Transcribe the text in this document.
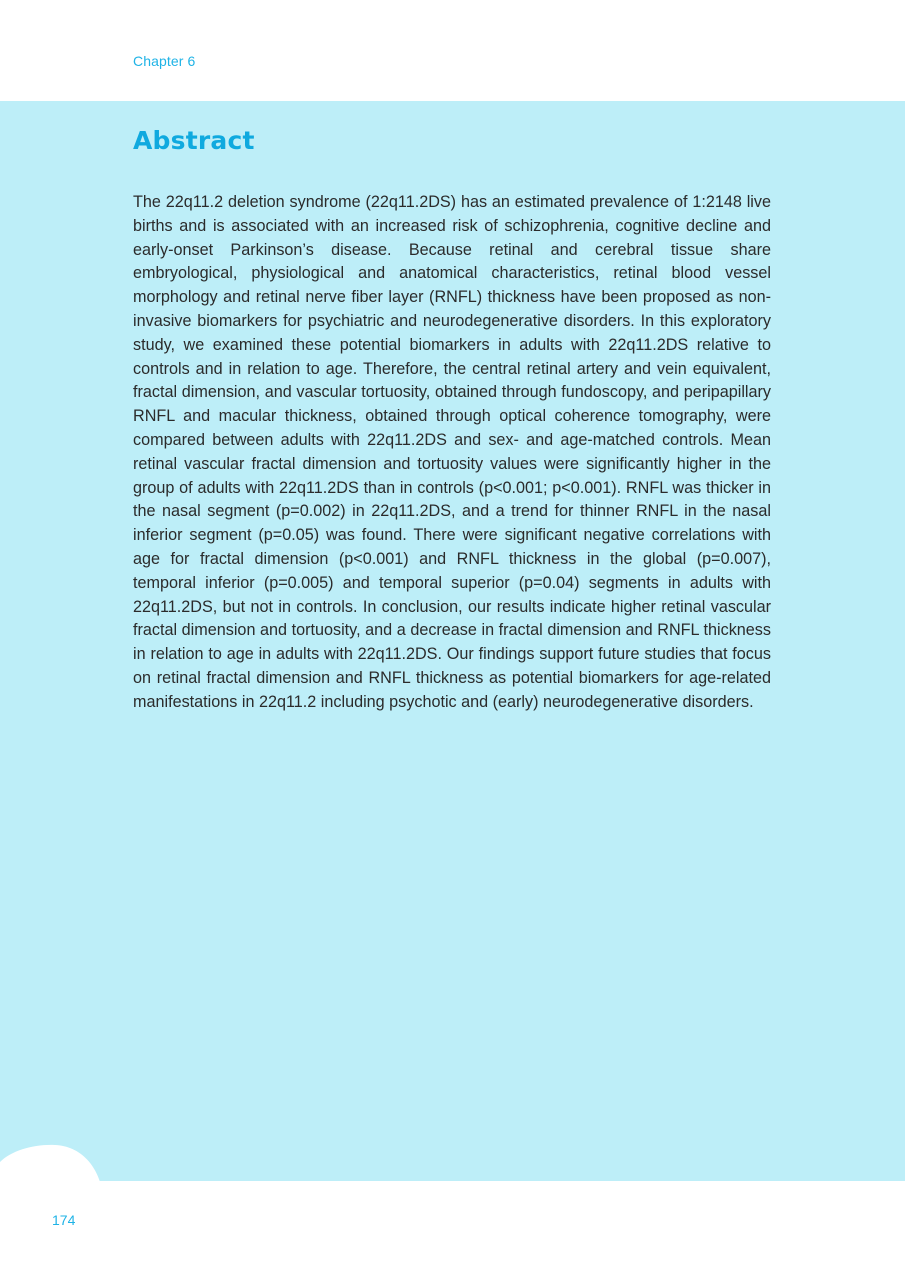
Chapter 6
Abstract

The 22q11.2 deletion syndrome (22q11.2DS) has an estimated prevalence of 1:2148 live births and is associated with an increased risk of schizophrenia, cognitive decline and early-onset Parkinson’s disease. Because retinal and cerebral tissue share embryological, physiological and anatomical characteristics, retinal blood vessel morphology and retinal nerve fiber layer (RNFL) thickness have been proposed as non-invasive biomarkers for psychiatric and neurodegenerative disorders. In this exploratory study, we examined these potential biomarkers in adults with 22q11.2DS relative to controls and in relation to age. Therefore, the central retinal artery and vein equivalent, fractal dimension, and vascular tortuosity, obtained through fundoscopy, and peripapillary RNFL and macular thickness, obtained through optical coherence tomography, were compared between adults with 22q11.2DS and sex- and age-matched controls. Mean retinal vascular fractal dimension and tortuosity values were significantly higher in the group of adults with 22q11.2DS than in controls (p<0.001; p<0.001). RNFL was thicker in the nasal segment (p=0.002) in 22q11.2DS, and a trend for thinner RNFL in the nasal inferior segment (p=0.05) was found. There were significant negative correlations with age for fractal dimension (p<0.001) and RNFL thickness in the global (p=0.007), temporal inferior (p=0.005) and temporal superior (p=0.04) segments in adults with 22q11.2DS, but not in controls. In conclusion, our results indicate higher retinal vascular fractal dimension and tortuosity, and a decrease in fractal dimension and RNFL thickness in relation to age in adults with 22q11.2DS. Our findings support future studies that focus on retinal fractal dimension and RNFL thickness as potential biomarkers for age-related manifestations in 22q11.2 including psychotic and (early) neurodegenerative disorders.

174
